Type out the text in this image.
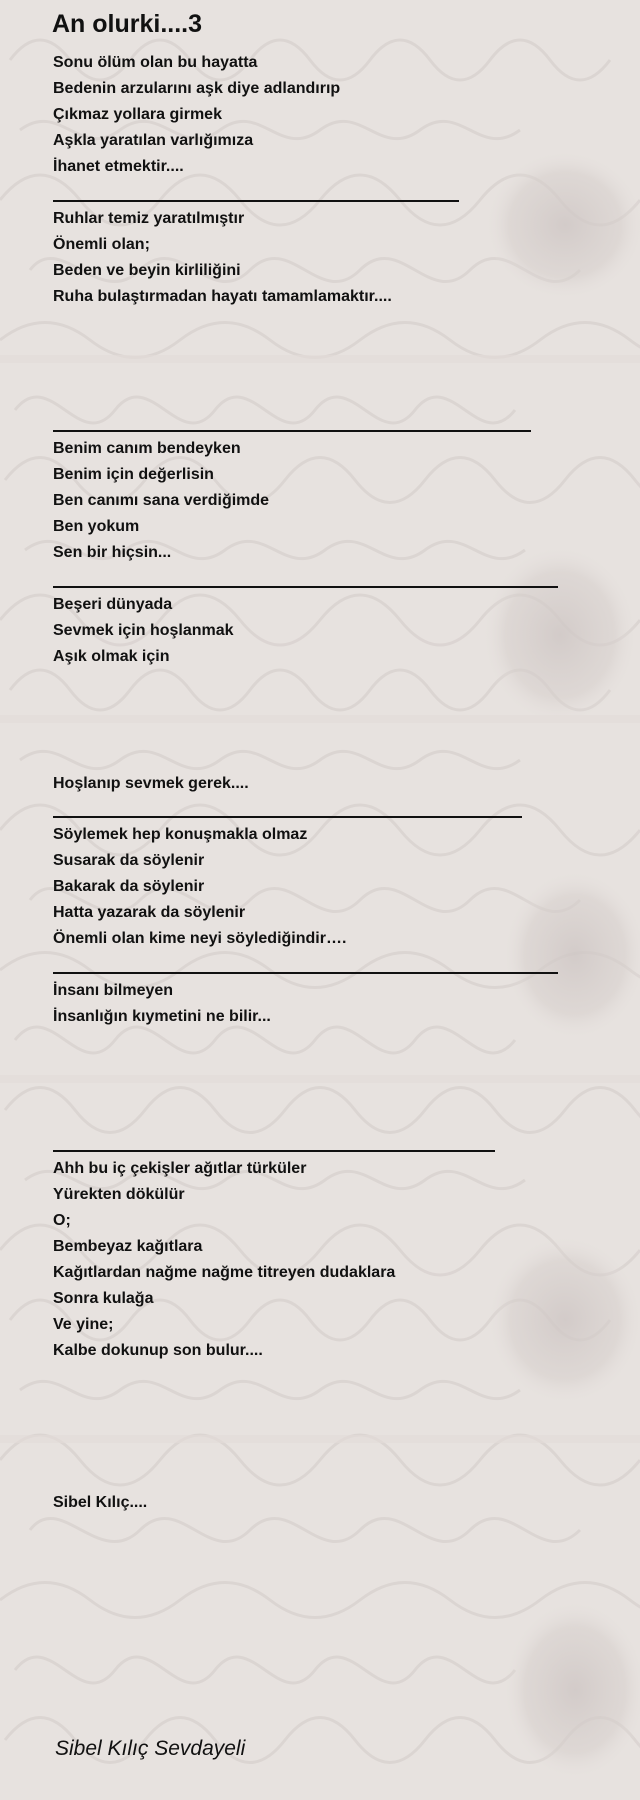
An olurki....3

Sonu ölüm olan bu hayatta

Bedenin arzularını aşk diye adlandırıp

Çıkmaz yollara girmek

Aşkla yaratılan varlığımıza

İhanet etmektir....

Ruhlar temiz yaratılmıştır

Önemli olan;

Beden ve beyin kirliliğini

Ruha bulaştırmadan hayatı tamamlamaktır....

Benim canım bendeyken

Benim için değerlisin

Ben canımı sana verdiğimde

Ben yokum

Sen bir hiçsin...

Beşeri dünyada

Sevmek için hoşlanmak

Aşık olmak için

Hoşlanıp sevmek gerek....

Söylemek hep konuşmakla olmaz

Susarak da söylenir

Bakarak da söylenir

Hatta yazarak da söylenir

Önemli olan kime neyi söylediğindir….

İnsanı bilmeyen

İnsanlığın kıymetini ne bilir...

Ahh bu iç çekişler ağıtlar türküler

Yürekten dökülür

O;

Bembeyaz kağıtlara

Kağıtlardan nağme nağme titreyen dudaklara

Sonra kulağa

Ve yine;

Kalbe dokunup son bulur....

Sibel Kılıç....

Sibel Kılıç Sevdayeli
